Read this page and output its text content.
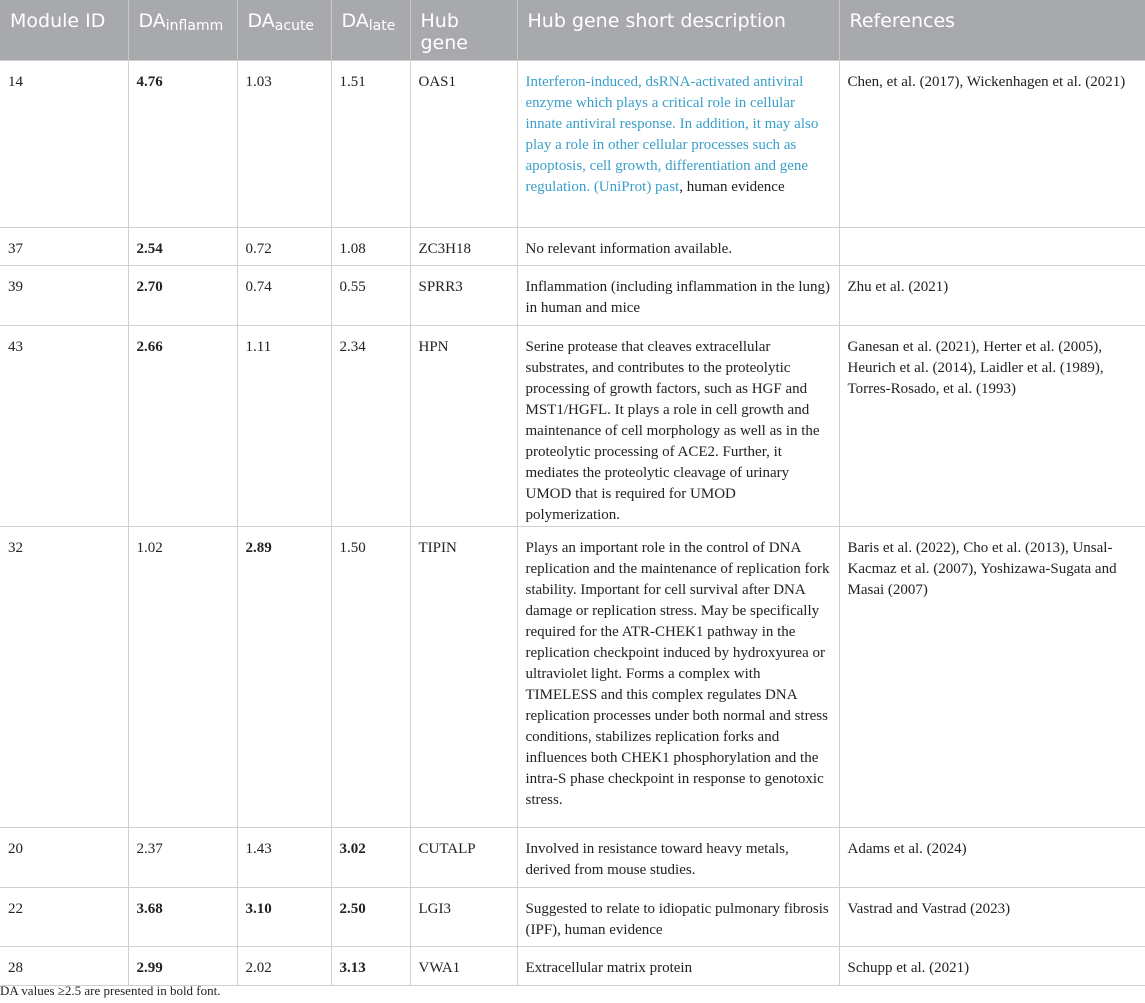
Module ID	$DA_{inflamm}$	$DA_{acute}$	$DA_{late}$	Hub gene	Hub gene short description	References
14	4.76	1.03	1.51	OAS1	Interferon-induced, dsRNA-activated antiviral enzyme which plays a critical role in cellular innate antiviral response. In addition, it may also play a role in other cellular processes such as apoptosis, cell growth, differentiation and gene regulation. (UniProt) past, human evidence	Chen, et al. (2017), Wickenhagen et al. (2021)
37	2.54	0.72	1.08	ZC3H18	No relevant information available.	
39	2.70	0.74	0.55	SPRR3	Inflammation (including inflammation in the lung) in human and mice	Zhu et al. (2021)
43	2.66	1.11	2.34	HPN	Serine protease that cleaves extracellular substrates, and contributes to the proteolytic processing of growth factors, such as HGF and MST1/HGFL. It plays a role in cell growth and maintenance of cell morphology as well as in the proteolytic processing of ACE2. Further, it mediates the proteolytic cleavage of urinary UMOD that is required for UMOD polymerization.	Ganesan et al. (2021), Herter et al. (2005), Heurich et al. (2014), Laidler et al. (1989), Torres-Rosado, et al. (1993)
32	1.02	2.89	1.50	TIPIN	Plays an important role in the control of DNA replication and the maintenance of replication fork stability. Important for cell survival after DNA damage or replication stress. May be specifically required for the ATR-CHEK1 pathway in the replication checkpoint induced by hydroxyurea or ultraviolet light. Forms a complex with TIMELESS and this complex regulates DNA replication processes under both normal and stress conditions, stabilizes replication forks and influences both CHEK1 phosphorylation and the intra-S phase checkpoint in response to genotoxic stress.	Baris et al. (2022), Cho et al. (2013), Unsal-Kacmaz et al. (2007), Yoshizawa-Sugata and Masai (2007)
20	2.37	1.43	3.02	CUTALP	Involved in resistance toward heavy metals, derived from mouse studies.	Adams et al. (2024)
22	3.68	3.10	2.50	LGI3	Suggested to relate to idiopatic pulmonary fibrosis (IPF), human evidence	Vastrad and Vastrad (2023)
28	2.99	2.02	3.13	VWA1	Extracellular matrix protein	Schupp et al. (2021)
DA values ≥2.5 are presented in bold font.
